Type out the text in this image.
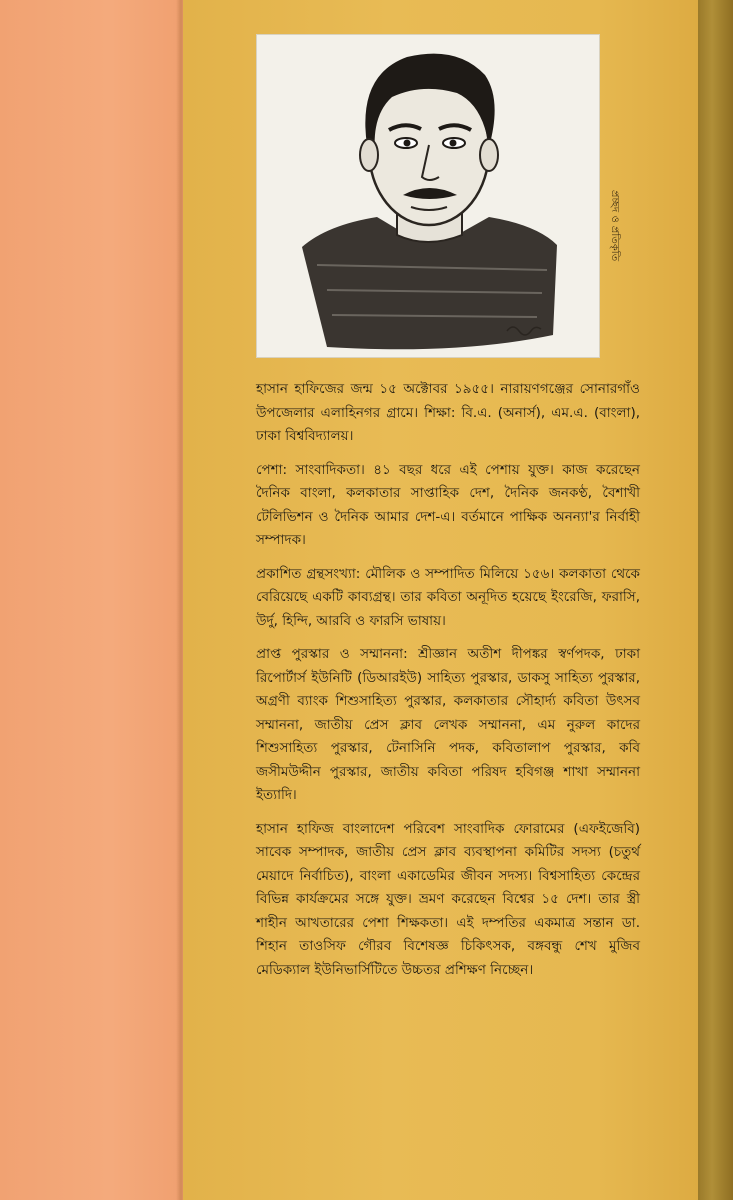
প্রচ্ছদ ও প্রতিকৃতি

হাসান হাফিজের জন্ম ১৫ অক্টোবর ১৯৫৫। নারায়ণগঞ্জের সোনারগাঁও উপজেলার এলাহিনগর গ্রামে। শিক্ষা: বি.এ. (অনার্স), এম.এ. (বাংলা), ঢাকা বিশ্ববিদ্যালয়।

পেশা: সাংবাদিকতা। ৪১ বছর ধরে এই পেশায় যুক্ত। কাজ করেছেন দৈনিক বাংলা, কলকাতার সাপ্তাহিক দেশ, দৈনিক জনকণ্ঠ, বৈশাখী টেলিভিশন ও দৈনিক আমার দেশ-এ। বর্তমানে পাক্ষিক অনন্যা'র নির্বাহী সম্পাদক।

প্রকাশিত গ্রন্থসংখ্যা: মৌলিক ও সম্পাদিত মিলিয়ে ১৫৬। কলকাতা থেকে বেরিয়েছে একটি কাব্যগ্রন্থ। তার কবিতা অনূদিত হয়েছে ইংরেজি, ফরাসি, উর্দু, হিন্দি, আরবি ও ফারসি ভাষায়।

প্রাপ্ত পুরস্কার ও সম্মাননা: শ্রীজ্ঞান অতীশ দীপঙ্কর স্বর্ণপদক, ঢাকা রিপোর্টার্স ইউনিটি (ডিআরইউ) সাহিত্য পুরস্কার, ডাকসু সাহিত্য পুরস্কার, অগ্রণী ব্যাংক শিশুসাহিত্য পুরস্কার, কলকাতার সৌহার্দ্য কবিতা উৎসব সম্মাননা, জাতীয় প্রেস ক্লাব লেখক সম্মাননা, এম নুরুল কাদের শিশুসাহিত্য পুরস্কার, টেনাসিনি পদক, কবিতালাপ পুরস্কার, কবি জসীমউদ্দীন পুরস্কার, জাতীয় কবিতা পরিষদ হবিগঞ্জ শাখা সম্মাননা ইত্যাদি।

হাসান হাফিজ বাংলাদেশ পরিবেশ সাংবাদিক ফোরামের (এফইজেবি) সাবেক সম্পাদক, জাতীয় প্রেস ক্লাব ব্যবস্থাপনা কমিটির সদস্য (চতুর্থ মেয়াদে নির্বাচিত), বাংলা একাডেমির জীবন সদস্য। বিশ্বসাহিত্য কেন্দ্রের বিভিন্ন কার্যক্রমের সঙ্গে যুক্ত। ভ্রমণ করেছেন বিশ্বের ১৫ দেশ। তার স্ত্রী শাহীন আখতারের পেশা শিক্ষকতা। এই দম্পতির একমাত্র সন্তান ডা. শিহান তাওসিফ গৌরব বিশেষজ্ঞ চিকিৎসক, বঙ্গবন্ধু শেখ মুজিব মেডিক্যাল ইউনিভার্সিটিতে উচ্চতর প্রশিক্ষণ নিচ্ছেন।
